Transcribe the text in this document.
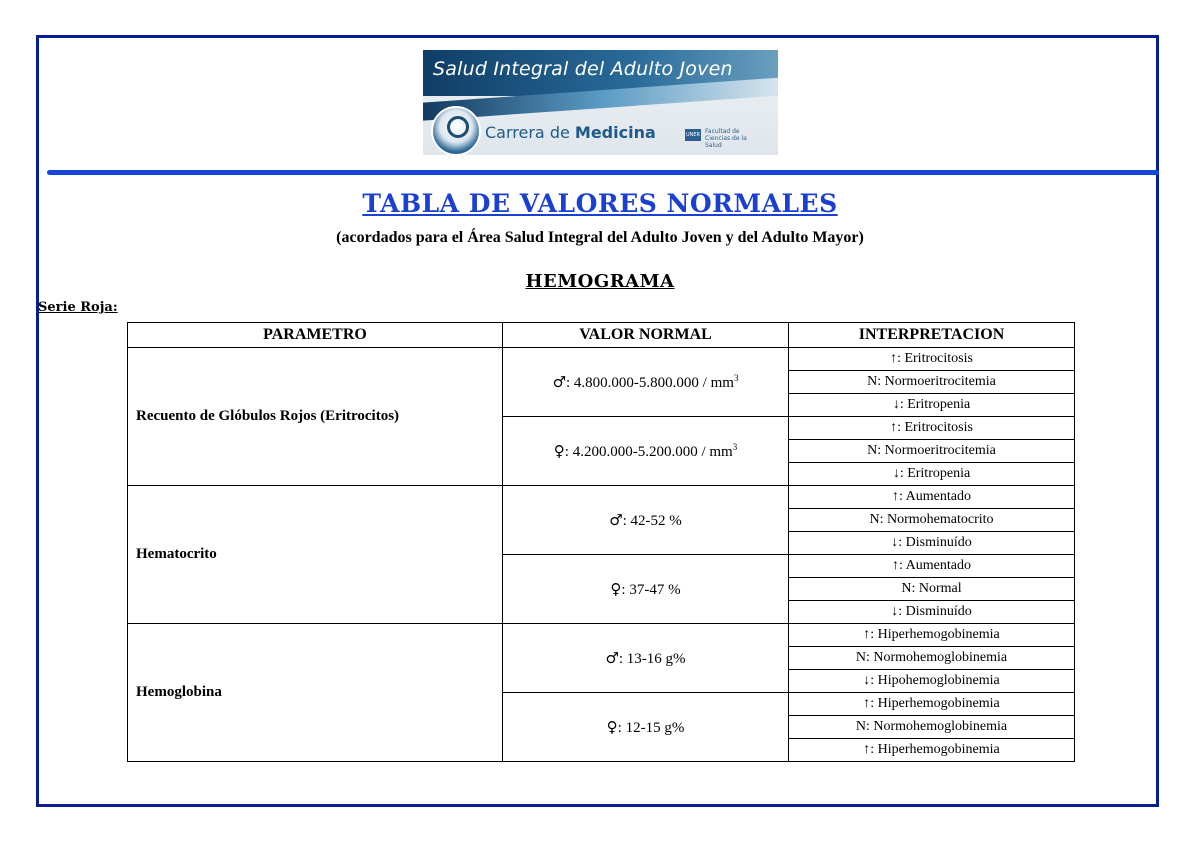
Salud Integral del Adulto Joven
Carrera de Medicina	UNER Facultad de Ciencias de la Salud
TABLA DE VALORES NORMALES
(acordados para el Área Salud Integral del Adulto Joven y del Adulto Mayor)
HEMOGRAMA
Serie Roja:
PARAMETRO	VALOR NORMAL	INTERPRETACION
Recuento de Glóbulos Rojos (Eritrocitos)	♂: $4.800.000-5.800.000 / mm^3$	↑: Eritrocitosis
		N: Normoeritrocitemia
		↓: Eritropenia
	♀: $4.200.000-5.200.000 / mm^3$	↑: Eritrocitosis
		N: Normoeritrocitemia
		↓: Eritropenia
Hematocrito	♂: 42-52 %	↑: Aumentado
		N: Normohematocrito
		↓: Disminuído
	♀: 37-47 %	↑: Aumentado
		N: Normal
		↓: Disminuído
Hemoglobina	♂: 13-16 g%	↑: Hiperhemogobinemia
		N: Normohemoglobinemia
		↓: Hipohemoglobinemia
	♀: 12-15 g%	↑: Hiperhemogobinemia
		N: Normohemoglobinemia
		↑: Hiperhemogobinemia
